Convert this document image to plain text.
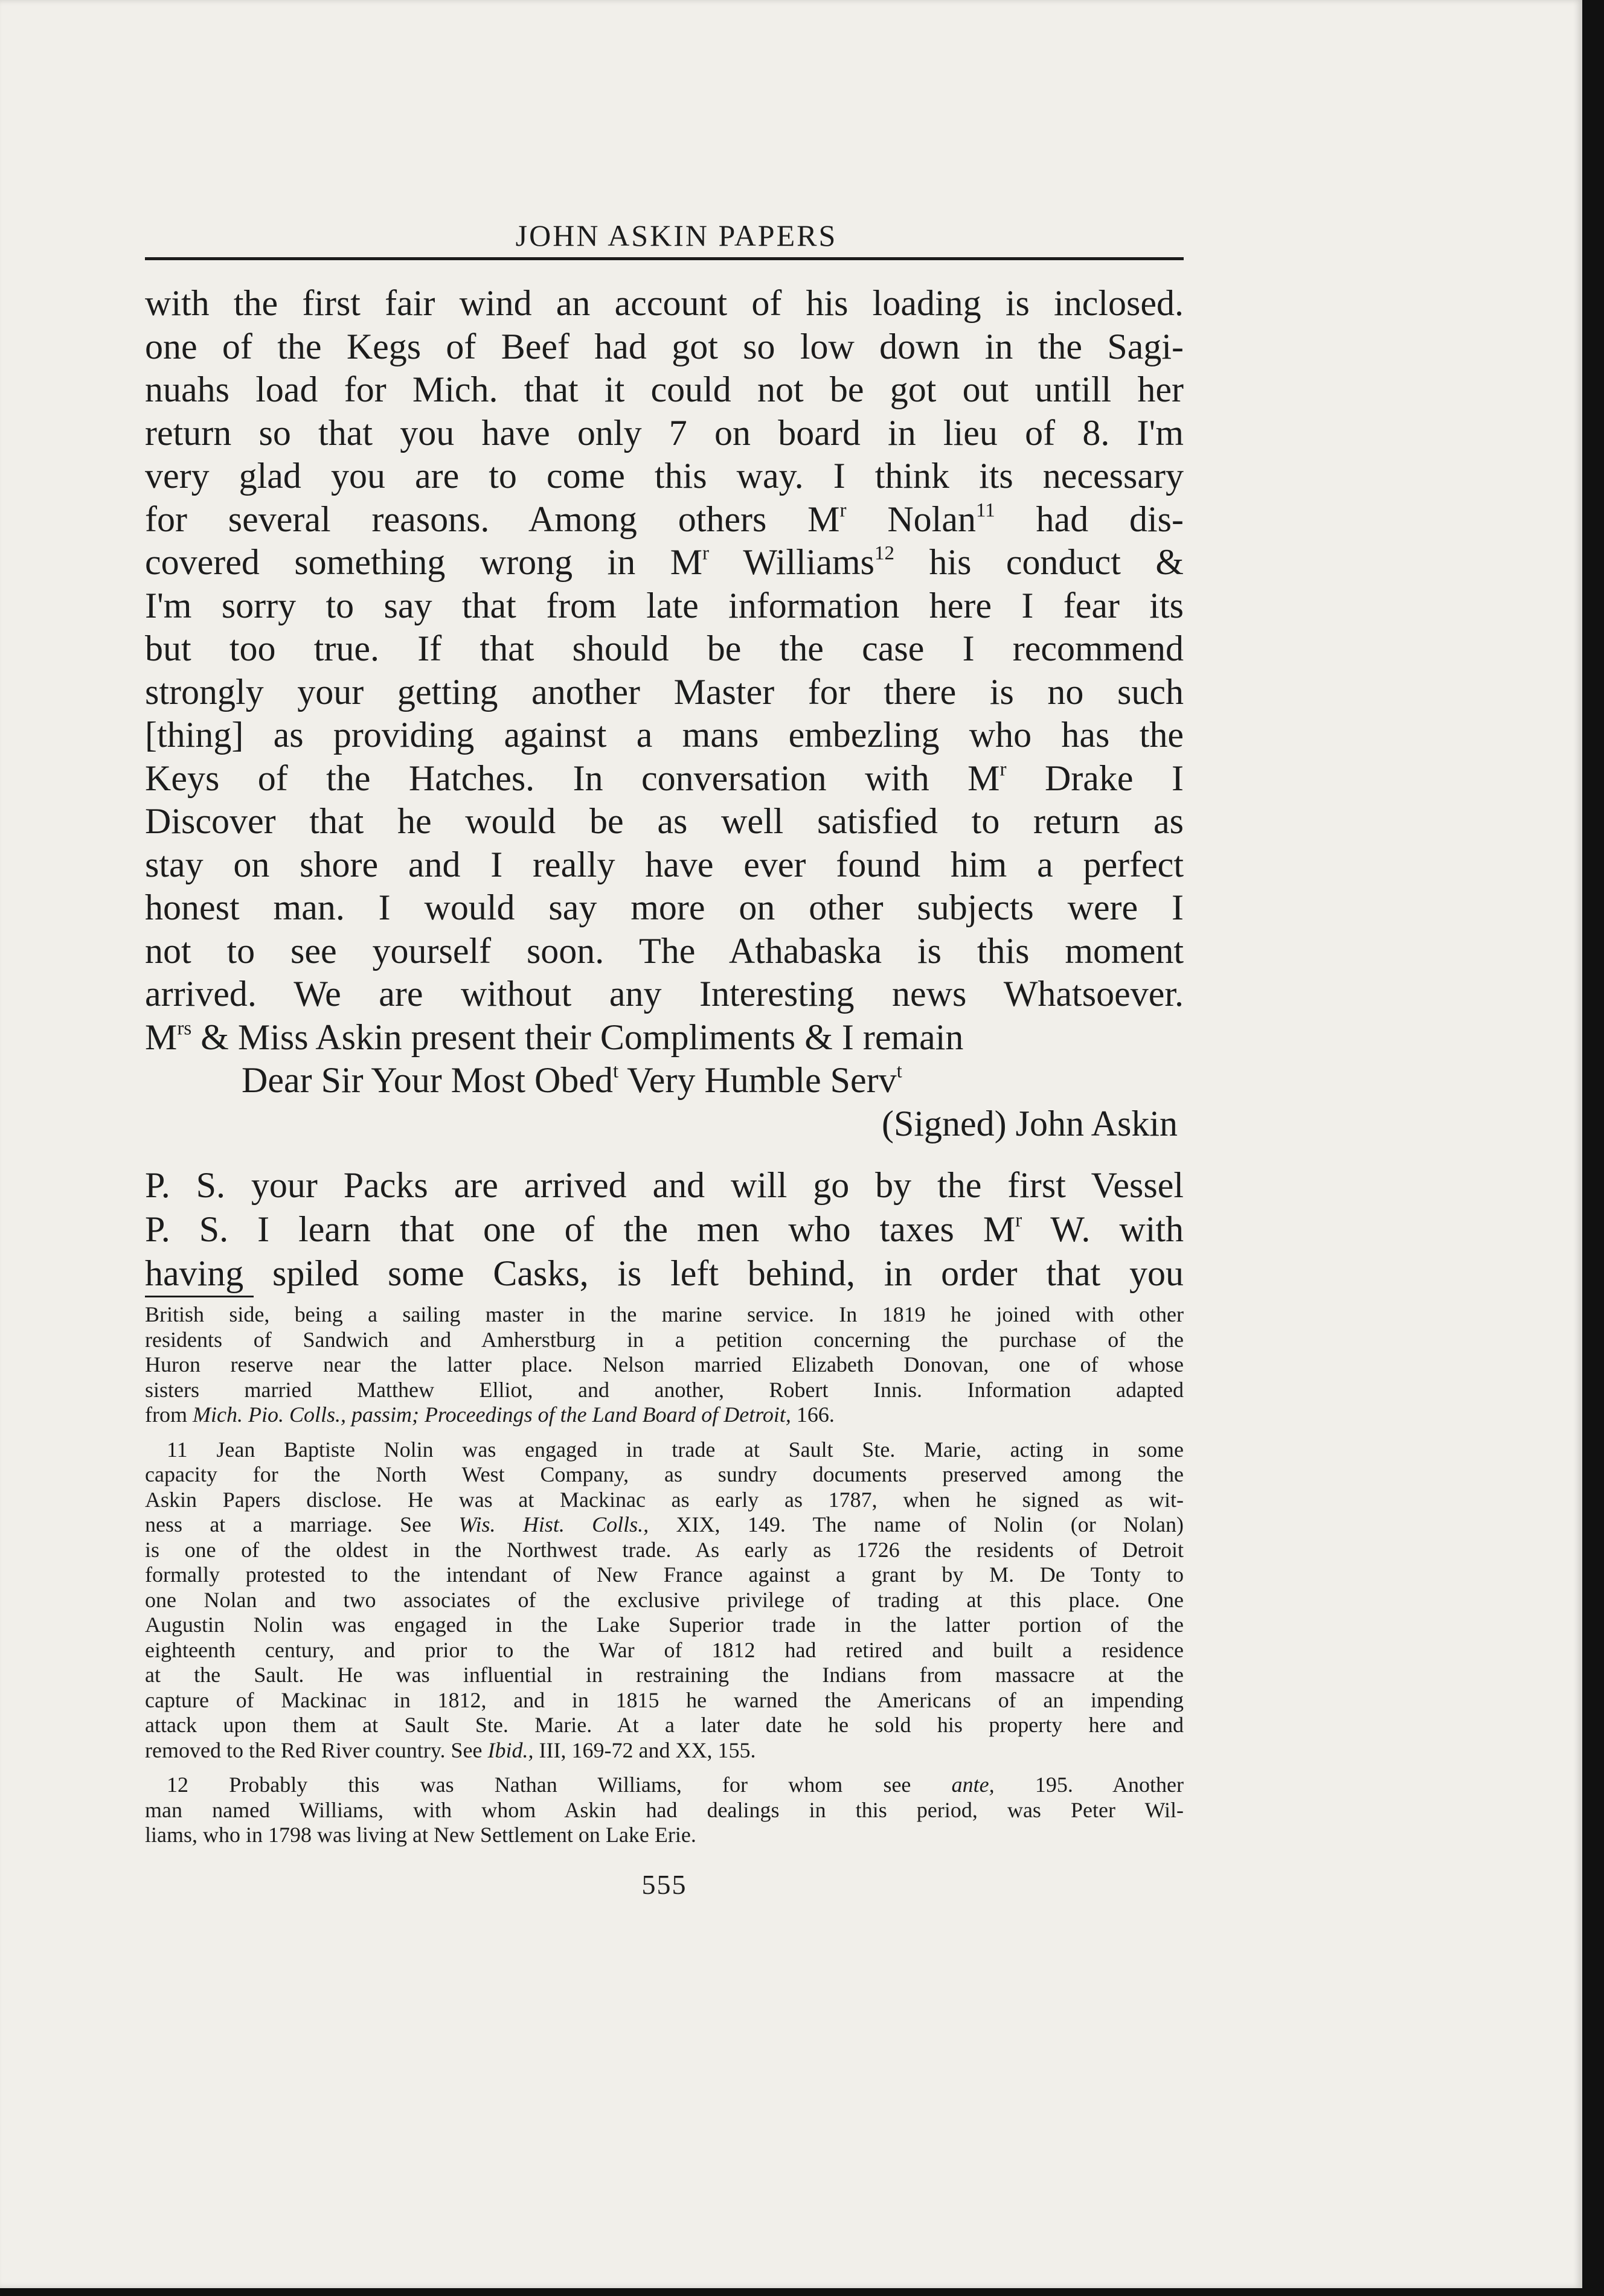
JOHN ASKIN PAPERS
with the first fair wind an account of his loading is inclosed.
one of the Kegs of Beef had got so low down in the Sagi-
nuahs load for Mich. that it could not be got out untill her
return so that you have only 7 on board in lieu of 8. I'm
very glad you are to come this way. I think its necessary
for several reasons. Among others $M^r$ Nolan$^{11}$ had dis-
covered something wrong in $M^r$ Williams$^{12}$ his conduct &
I'm sorry to say that from late information here I fear its
but too true. If that should be the case I recommend
strongly your getting another Master for there is no such
[thing] as providing against a mans embezling who has the
Keys of the Hatches. In conversation with $M^r$ Drake I
Discover that he would be as well satisfied to return as
stay on shore and I really have ever found him a perfect
honest man. I would say more on other subjects were I
not to see yourself soon. The Athabaska is this moment
arrived. We are without any Interesting news Whatsoever.
$M^{rs}$ & Miss Askin present their Compliments & I remain
Dear Sir Your Most Obed$^t$ Very Humble Serv$^t$
(Signed) John Askin
P. S. your Packs are arrived and will go by the first Vessel
P. S. I learn that one of the men who taxes $M^r$ W. with
having spiled some Casks, is left behind, in order that you
British side, being a sailing master in the marine service. In 1819 he joined with other
residents of Sandwich and Amherstburg in a petition concerning the purchase of the
Huron reserve near the latter place. Nelson married Elizabeth Donovan, one of whose
sisters married Matthew Elliot, and another, Robert Innis. Information adapted
from Mich. Pio. Colls., passim; Proceedings of the Land Board of Detroit, 166.
11 Jean Baptiste Nolin was engaged in trade at Sault Ste. Marie, acting in some
capacity for the North West Company, as sundry documents preserved among the
Askin Papers disclose. He was at Mackinac as early as 1787, when he signed as wit-
ness at a marriage. See Wis. Hist. Colls., XIX, 149. The name of Nolin (or Nolan)
is one of the oldest in the Northwest trade. As early as 1726 the residents of Detroit
formally protested to the intendant of New France against a grant by M. De Tonty to
one Nolan and two associates of the exclusive privilege of trading at this place. One
Augustin Nolin was engaged in the Lake Superior trade in the latter portion of the
eighteenth century, and prior to the War of 1812 had retired and built a residence
at the Sault. He was influential in restraining the Indians from massacre at the
capture of Mackinac in 1812, and in 1815 he warned the Americans of an impending
attack upon them at Sault Ste. Marie. At a later date he sold his property here and
removed to the Red River country. See Ibid., III, 169-72 and XX, 155.
12 Probably this was Nathan Williams, for whom see ante, 195. Another
man named Williams, with whom Askin had dealings in this period, was Peter Wil-
liams, who in 1798 was living at New Settlement on Lake Erie.
555
